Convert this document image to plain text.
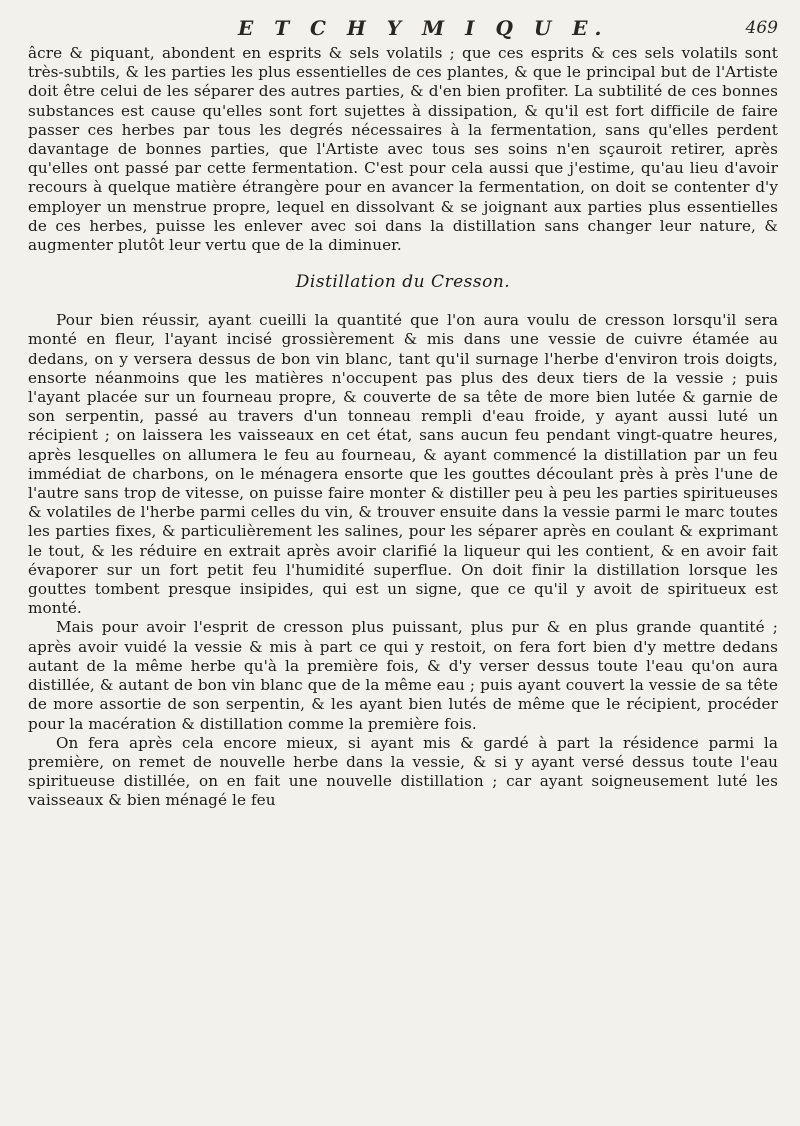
E T C H Y M I Q U E.	469

âcre & piquant, abondent en esprits & sels volatils ; que ces esprits & ces sels volatils sont très-subtils, & les parties les plus essentielles de ces plantes, & que le principal but de l'Artiste doit être celui de les séparer des autres parties, & d'en bien profiter. La subtilité de ces bonnes substances est cause qu'elles sont fort sujettes à dissipation, & qu'il est fort difficile de faire passer ces herbes par tous les degrés nécessaires à la fermentation, sans qu'elles perdent davantage de bonnes parties, que l'Artiste avec tous ses soins n'en sçauroit retirer, après qu'elles ont passé par cette fermentation. C'est pour cela aussi que j'estime, qu'au lieu d'avoir recours à quelque matière étrangère pour en avancer la fermentation, on doit se contenter d'y employer un menstrue propre, lequel en dissolvant & se joignant aux parties plus essentielles de ces herbes, puisse les enlever avec soi dans la distillation sans changer leur nature, & augmenter plutôt leur vertu que de la diminuer.

Distillation du Cresson.

Pour bien réussir, ayant cueilli la quantité que l'on aura voulu de cresson lorsqu'il sera monté en fleur, l'ayant incisé grossièrement & mis dans une vessie de cuivre étamée au dedans, on y versera dessus de bon vin blanc, tant qu'il surnage l'herbe d'environ trois doigts, ensorte néanmoins que les matières n'occupent pas plus des deux tiers de la vessie ; puis l'ayant placée sur un fourneau propre, & couverte de sa tête de more bien lutée & garnie de son serpentin, passé au travers d'un tonneau rempli d'eau froide, y ayant aussi luté un récipient ; on laissera les vaisseaux en cet état, sans aucun feu pendant vingt-quatre heures, après lesquelles on allumera le feu au fourneau, & ayant commencé la distillation par un feu immédiat de charbons, on le ménagera ensorte que les gouttes découlant près à près l'une de l'autre sans trop de vitesse, on puisse faire monter & distiller peu à peu les parties spiritueuses & volatiles de l'herbe parmi celles du vin, & trouver ensuite dans la vessie parmi le marc toutes les parties fixes, & particulièrement les salines, pour les séparer après en coulant & exprimant le tout, & les réduire en extrait après avoir clarifié la liqueur qui les contient, & en avoir fait évaporer sur un fort petit feu l'humidité superflue. On doit finir la distillation lorsque les gouttes tombent presque insipides, qui est un signe, que ce qu'il y avoit de spiritueux est monté.

Mais pour avoir l'esprit de cresson plus puissant, plus pur & en plus grande quantité ; après avoir vuidé la vessie & mis à part ce qui y restoit, on fera fort bien d'y mettre dedans autant de la même herbe qu'à la première fois, & d'y verser dessus toute l'eau qu'on aura distillée, & autant de bon vin blanc que de la même eau ; puis ayant couvert la vessie de sa tête de more assortie de son serpentin, & les ayant bien lutés de même que le récipient, procéder pour la macération & distillation comme la première fois.

On fera après cela encore mieux, si ayant mis & gardé à part la résidence parmi la première, on remet de nouvelle herbe dans la vessie, & si y ayant versé dessus toute l'eau spiritueuse distillée, on en fait une nouvelle distillation ; car ayant soigneusement luté les vaisseaux & bien ménagé le feu
